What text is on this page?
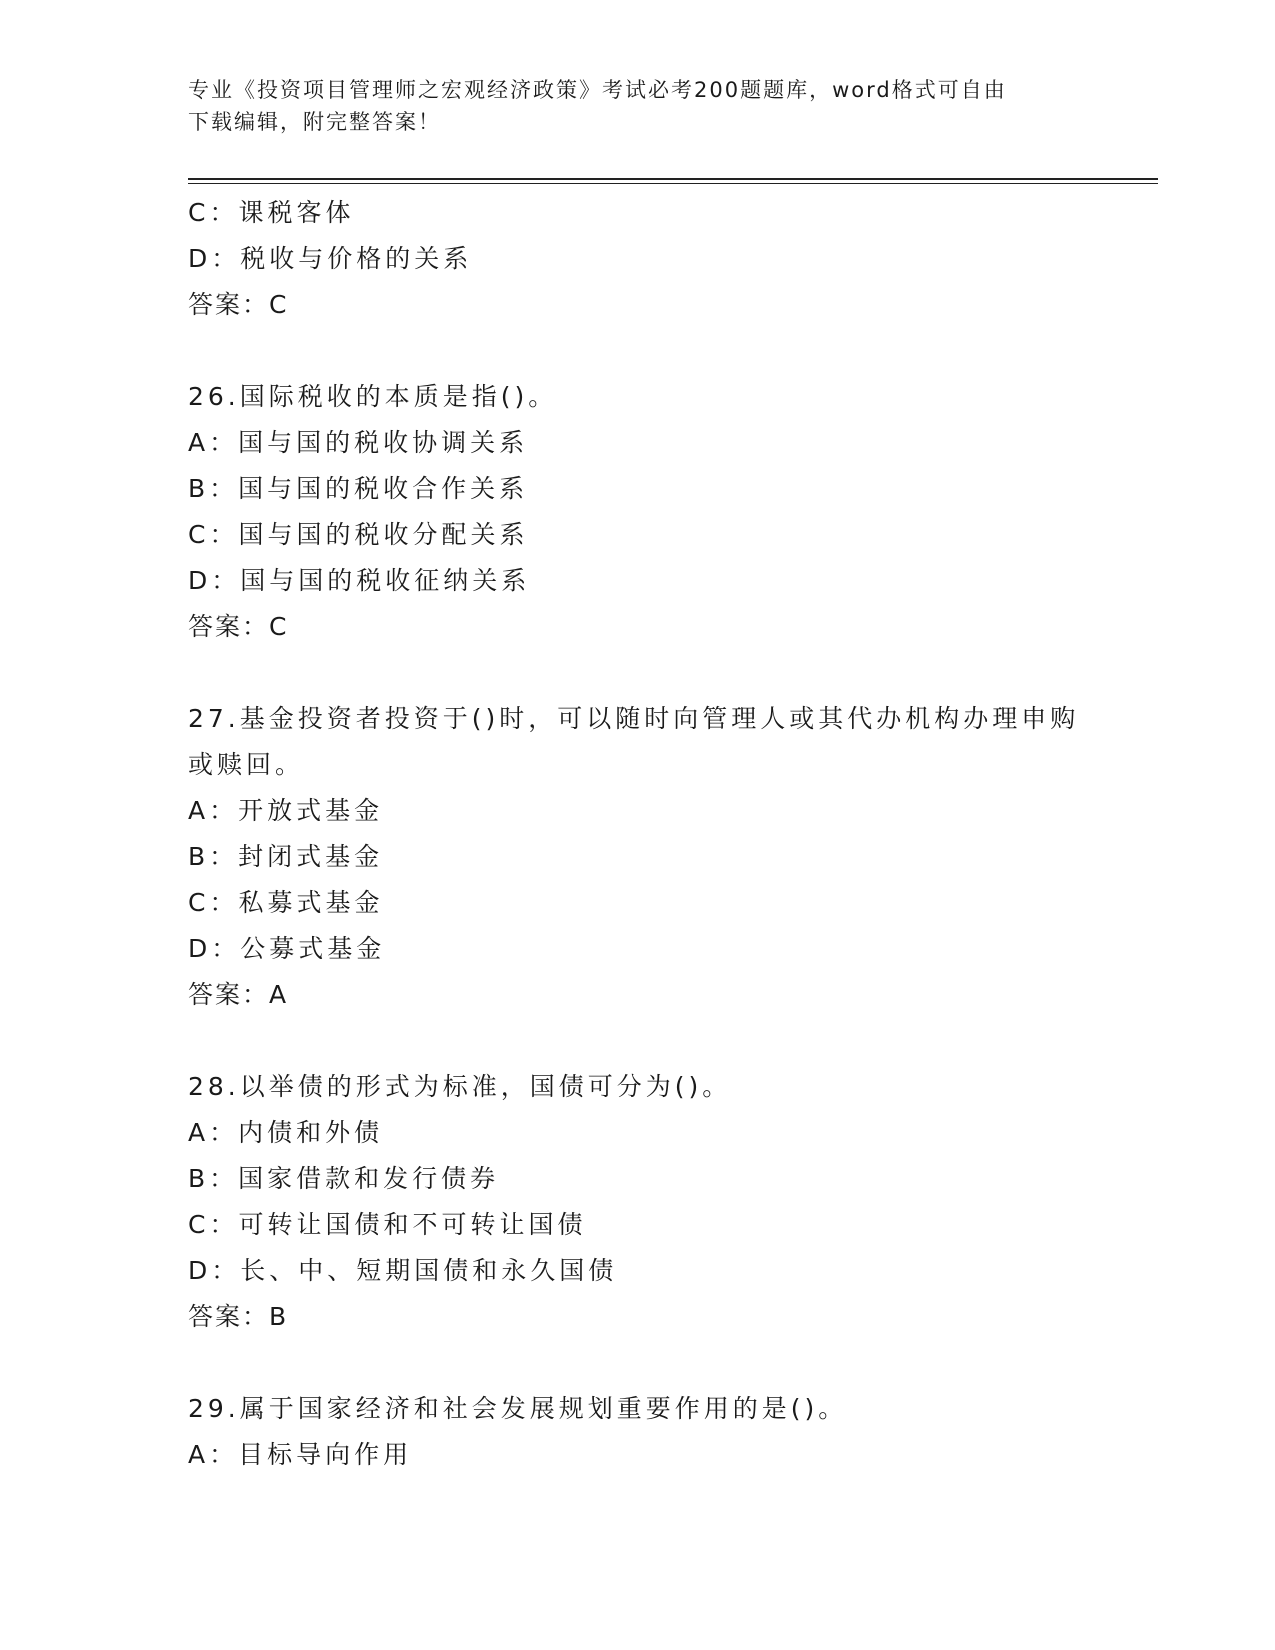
专业《投资项目管理师之宏观经济政策》考试必考200题题库，word格式可自由
下载编辑，附完整答案！
C：课税客体
D：税收与价格的关系
答案：C
26.国际税收的本质是指()。
A：国与国的税收协调关系
B：国与国的税收合作关系
C：国与国的税收分配关系
D：国与国的税收征纳关系
答案：C
27.基金投资者投资于()时，可以随时向管理人或其代办机构办理申购
或赎回。
A：开放式基金
B：封闭式基金
C：私募式基金
D：公募式基金
答案：A
28.以举债的形式为标准，国债可分为()。
A：内债和外债
B：国家借款和发行债券
C：可转让国债和不可转让国债
D：长、中、短期国债和永久国债
答案：B
29.属于国家经济和社会发展规划重要作用的是()。
A：目标导向作用
